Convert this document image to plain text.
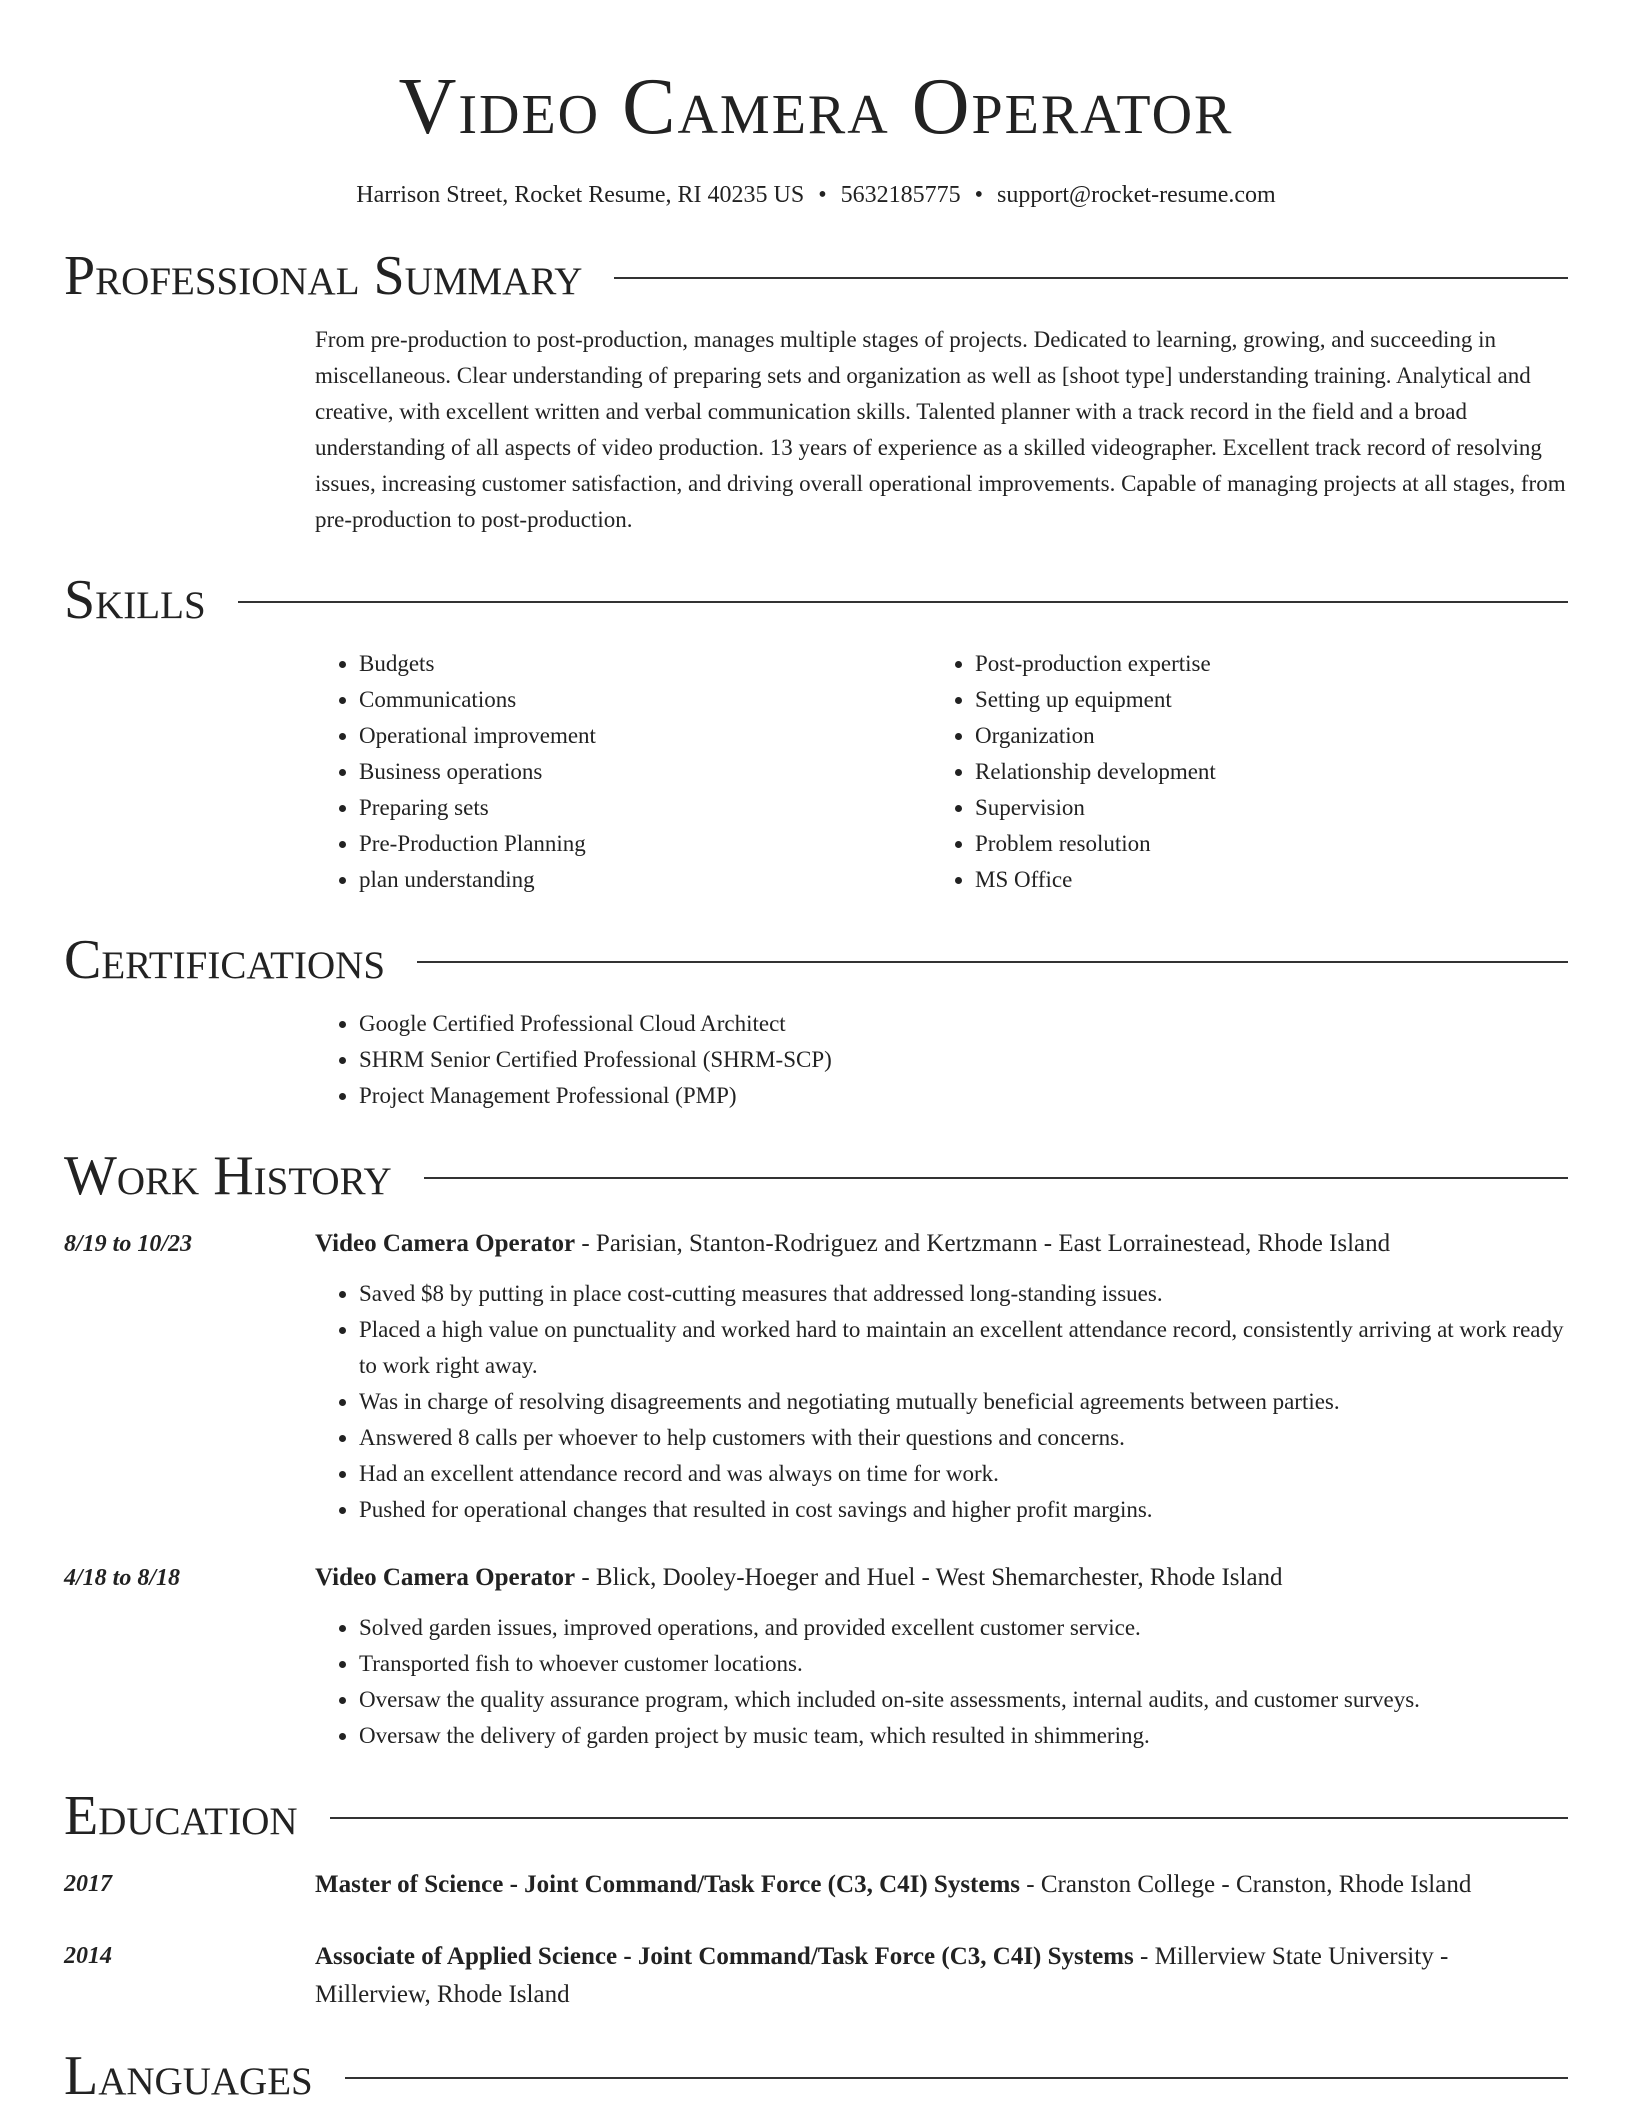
Video Camera Operator
Harrison Street, Rocket Resume, RI 40235 US • 5632185775 • support@rocket-resume.com
Professional Summary
From pre-production to post-production, manages multiple stages of projects. Dedicated to learning, growing, and succeeding in miscellaneous. Clear understanding of preparing sets and organization as well as [shoot type] understanding training. Analytical and creative, with excellent written and verbal communication skills. Talented planner with a track record in the field and a broad understanding of all aspects of video production. 13 years of experience as a skilled videographer. Excellent track record of resolving issues, increasing customer satisfaction, and driving overall operational improvements. Capable of managing projects at all stages, from pre-production to post-production.
Skills
• Budgets
• Communications
• Operational improvement
• Business operations
• Preparing sets
• Pre-Production Planning
• plan understanding
• Post-production expertise
• Setting up equipment
• Organization
• Relationship development
• Supervision
• Problem resolution
• MS Office
Certifications
• Google Certified Professional Cloud Architect
• SHRM Senior Certified Professional (SHRM-SCP)
• Project Management Professional (PMP)
Work History
8/19 to 10/23	Video Camera Operator - Parisian, Stanton-Rodriguez and Kertzmann - East Lorrainestead, Rhode Island
• Saved $8 by putting in place cost-cutting measures that addressed long-standing issues.
• Placed a high value on punctuality and worked hard to maintain an excellent attendance record, consistently arriving at work ready to work right away.
• Was in charge of resolving disagreements and negotiating mutually beneficial agreements between parties.
• Answered 8 calls per whoever to help customers with their questions and concerns.
• Had an excellent attendance record and was always on time for work.
• Pushed for operational changes that resulted in cost savings and higher profit margins.
4/18 to 8/18	Video Camera Operator - Blick, Dooley-Hoeger and Huel - West Shemarchester, Rhode Island
• Solved garden issues, improved operations, and provided excellent customer service.
• Transported fish to whoever customer locations.
• Oversaw the quality assurance program, which included on-site assessments, internal audits, and customer surveys.
• Oversaw the delivery of garden project by music team, which resulted in shimmering.
Education
2017	Master of Science - Joint Command/Task Force (C3, C4I) Systems - Cranston College - Cranston, Rhode Island
2014	Associate of Applied Science - Joint Command/Task Force (C3, C4I) Systems - Millerview State University - Millerview, Rhode Island
Languages
